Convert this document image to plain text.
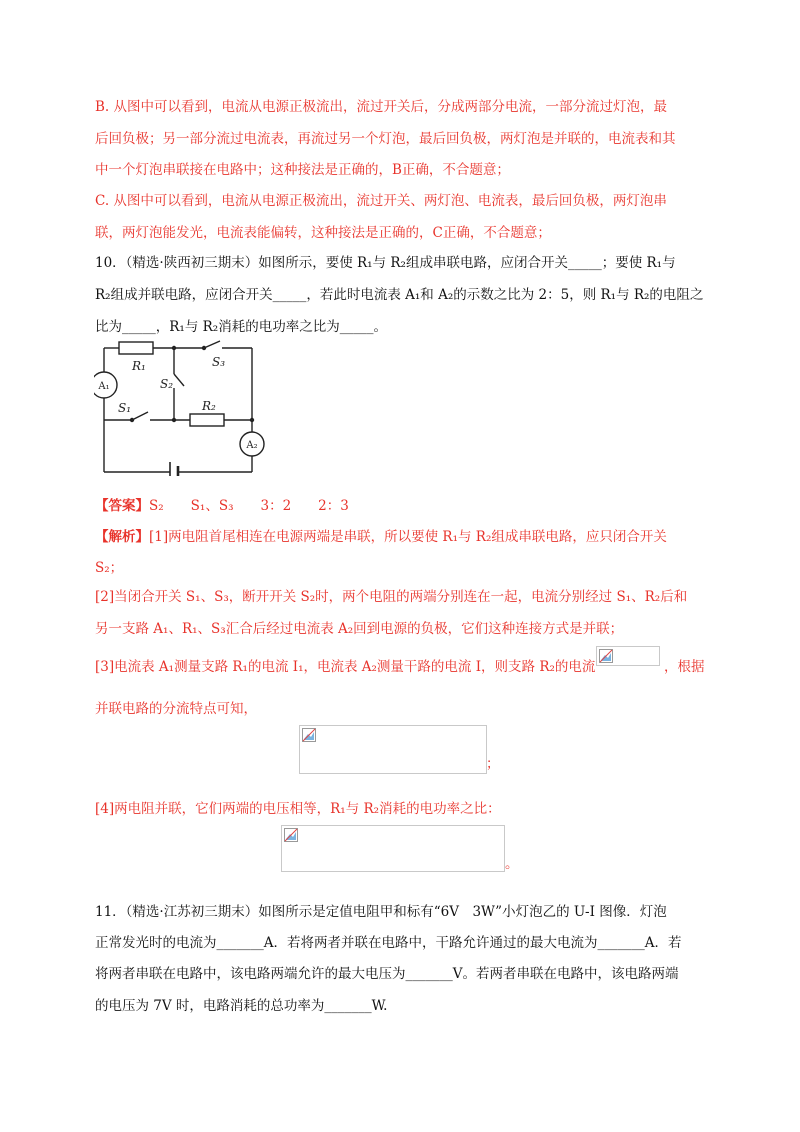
B. 从图中可以看到，电流从电源正极流出，流过开关后，分成两部分电流，一部分流过灯泡，最
后回负极；另一部分流过电流表，再流过另一个灯泡，最后回负极，两灯泡是并联的，电流表和其
中一个灯泡串联接在电路中；这种接法是正确的，B正确，不合题意；
C. 从图中可以看到，电流从电源正极流出，流过开关、两灯泡、电流表，最后回负极，两灯泡串
联，两灯泡能发光，电流表能偏转，这种接法是正确的，C正确，不合题意；
10．（精选·陕西初三期末）如图所示，要使 R₁与 R₂组成串联电路，应闭合开关_____；要使 R₁与
R₂组成并联电路，应闭合开关_____，若此时电流表 A₁和 A₂的示数之比为 2：5，则 R₁与 R₂的电阻之
比为_____，R₁与 R₂消耗的电功率之比为_____。
R₁
R₂
S₁
S₂
S₃
A₁
A₂
【答案】S₂　　S₁、S₃　　3：2　　2：3
【解析】[1]两电阻首尾相连在电源两端是串联，所以要使 R₁与 R₂组成串联电路，应只闭合开关
S₂；
[2]当闭合开关 S₁、S₃，断开开关 S₂时，两个电阻的两端分别连在一起，电流分别经过 S₁、R₂后和
另一支路 A₁、R₁、S₃汇合后经过电流表 A₂回到电源的负极，它们这种连接方式是并联；
[3]电流表 A₁测量支路 R₁的电流 I₁，电流表 A₂测量干路的电流 I，则支路 R₂的电流	，根据
并联电路的分流特点可知，
；
[4]两电阻并联，它们两端的电压相等，R₁与 R₂消耗的电功率之比：
。
11．（精选·江苏初三期末）如图所示是定值电阻甲和标有“6V　3W”小灯泡乙的 U-I 图像．灯泡
正常发光时的电流为_______A．若将两者并联在电路中，干路允许通过的最大电流为_______A．若
将两者串联在电路中，该电路两端允许的最大电压为_______V。若两者串联在电路中，该电路两端
的电压为 7V 时，电路消耗的总功率为_______W.
